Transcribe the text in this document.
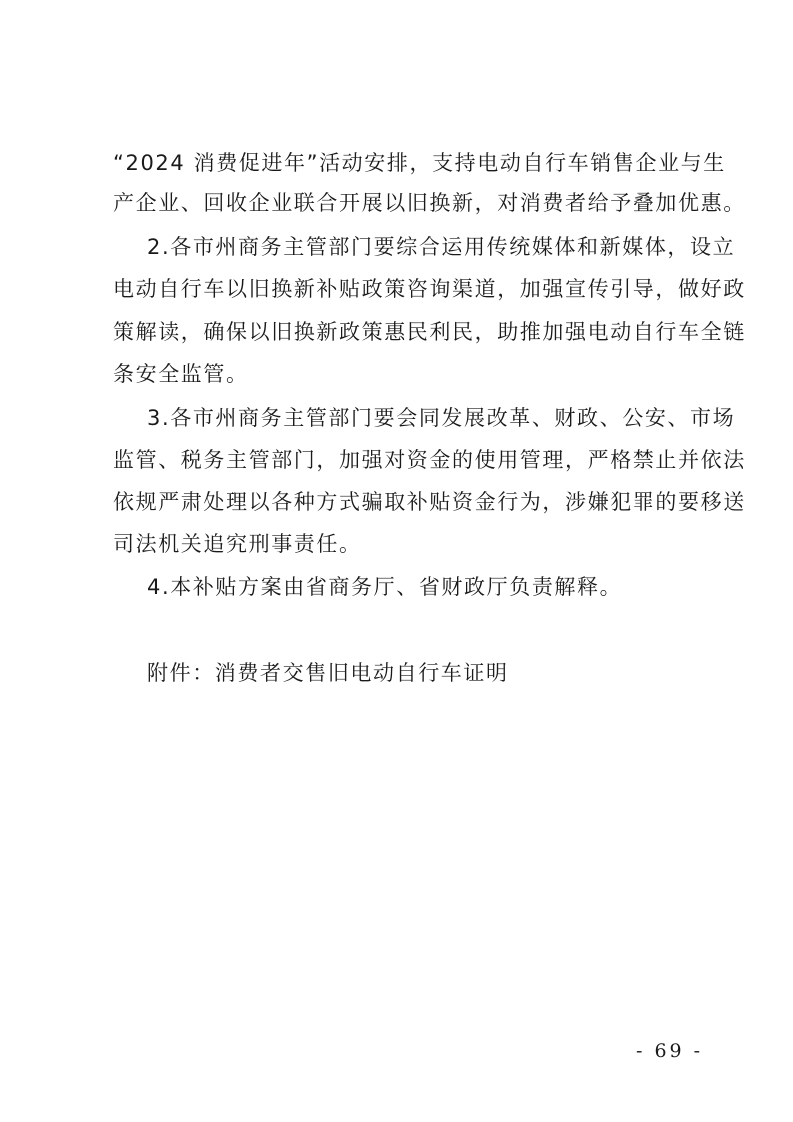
“2024 消费促进年”活动安排，支持电动自行车销售企业与生
产企业、回收企业联合开展以旧换新，对消费者给予叠加优惠。
2.各市州商务主管部门要综合运用传统媒体和新媒体，设立
电动自行车以旧换新补贴政策咨询渠道，加强宣传引导，做好政
策解读，确保以旧换新政策惠民利民，助推加强电动自行车全链
条安全监管。
3.各市州商务主管部门要会同发展改革、财政、公安、市场
监管、税务主管部门，加强对资金的使用管理，严格禁止并依法
依规严肃处理以各种方式骗取补贴资金行为，涉嫌犯罪的要移送
司法机关追究刑事责任。
4.本补贴方案由省商务厅、省财政厅负责解释。
附件：消费者交售旧电动自行车证明
- 69 -
